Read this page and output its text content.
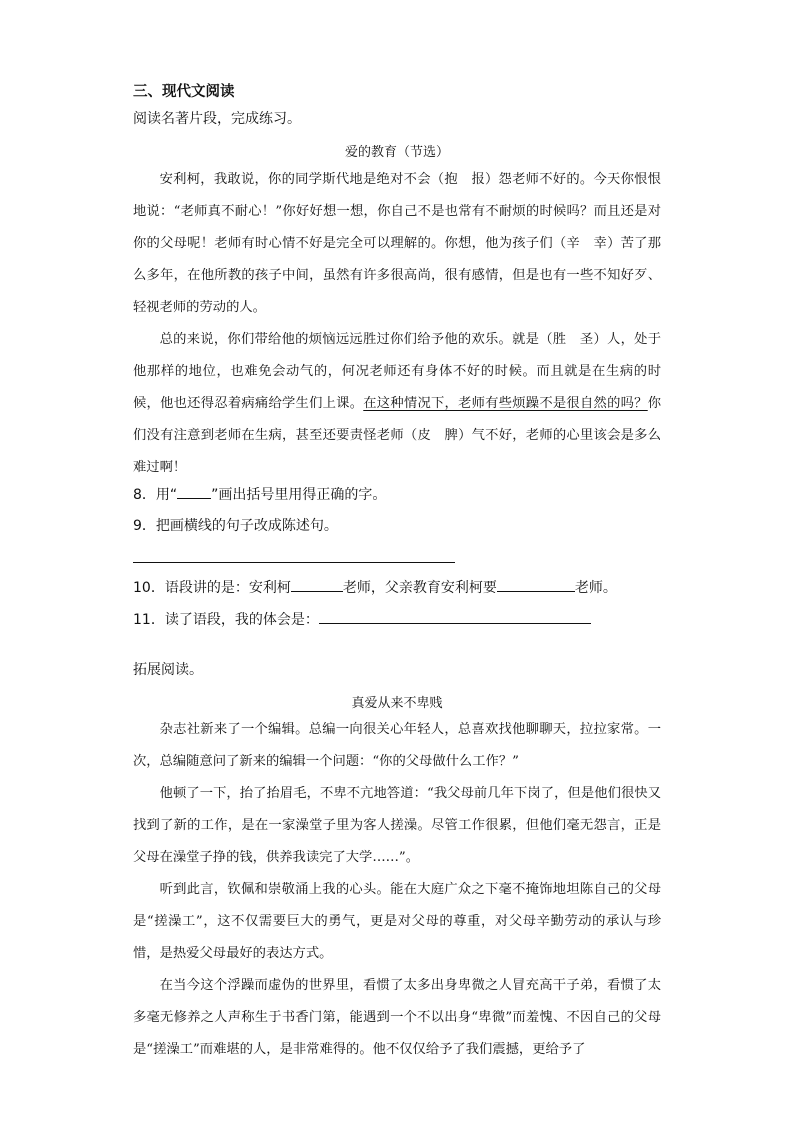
三、现代文阅读
阅读名著片段，完成练习。
爱的教育（节选）

安利柯，我敢说，你的同学斯代地是绝对不会（抱　报）怨老师不好的。今天你恨恨地说：“老师真不耐心！”你好好想一想，你自己不是也常有不耐烦的时候吗？而且还是对你的父母呢！老师有时心情不好是完全可以理解的。你想，他为孩子们（辛　幸）苦了那么多年，在他所教的孩子中间，虽然有许多很高尚，很有感情，但是也有一些不知好歹、轻视老师的劳动的人。

总的来说，你们带给他的烦恼远远胜过你们给予他的欢乐。就是（胜　圣）人，处于他那样的地位，也难免会动气的，何况老师还有身体不好的时候。而且就是在生病的时候，他也还得忍着病痛给学生们上课。在这种情况下，老师有些烦躁不是很自然的吗？你们没有注意到老师在生病，甚至还要责怪老师（皮　脾）气不好，老师的心里该会是多么难过啊！

8．用“ ”画出括号里用得正确的字。
9．把画横线的句子改成陈述句。
10．语段讲的是：安利柯	老师，父亲教育安利柯要	老师。
11．读了语段，我的体会是：
拓展阅读。
真爱从来不卑贱

杂志社新来了一个编辑。总编一向很关心年轻人，总喜欢找他聊聊天，拉拉家常。一次，总编随意问了新来的编辑一个问题：“你的父母做什么工作？”

他顿了一下，抬了抬眉毛，不卑不亢地答道：“我父母前几年下岗了，但是他们很快又找到了新的工作，是在一家澡堂子里为客人搓澡。尽管工作很累，但他们毫无怨言，正是父母在澡堂子挣的钱，供养我读完了大学……”。

听到此言，钦佩和崇敬涌上我的心头。能在大庭广众之下毫不掩饰地坦陈自己的父母是“搓澡工”，这不仅需要巨大的勇气，更是对父母的尊重，对父母辛勤劳动的承认与珍惜，是热爱父母最好的表达方式。

在当今这个浮躁而虚伪的世界里，看惯了太多出身卑微之人冒充高干子弟，看惯了太多毫无修养之人声称生于书香门第，能遇到一个不以出身“卑微”而羞愧、不因自己的父母是“搓澡工”而难堪的人，是非常难得的。他不仅仅给予了我们震撼，更给予了
